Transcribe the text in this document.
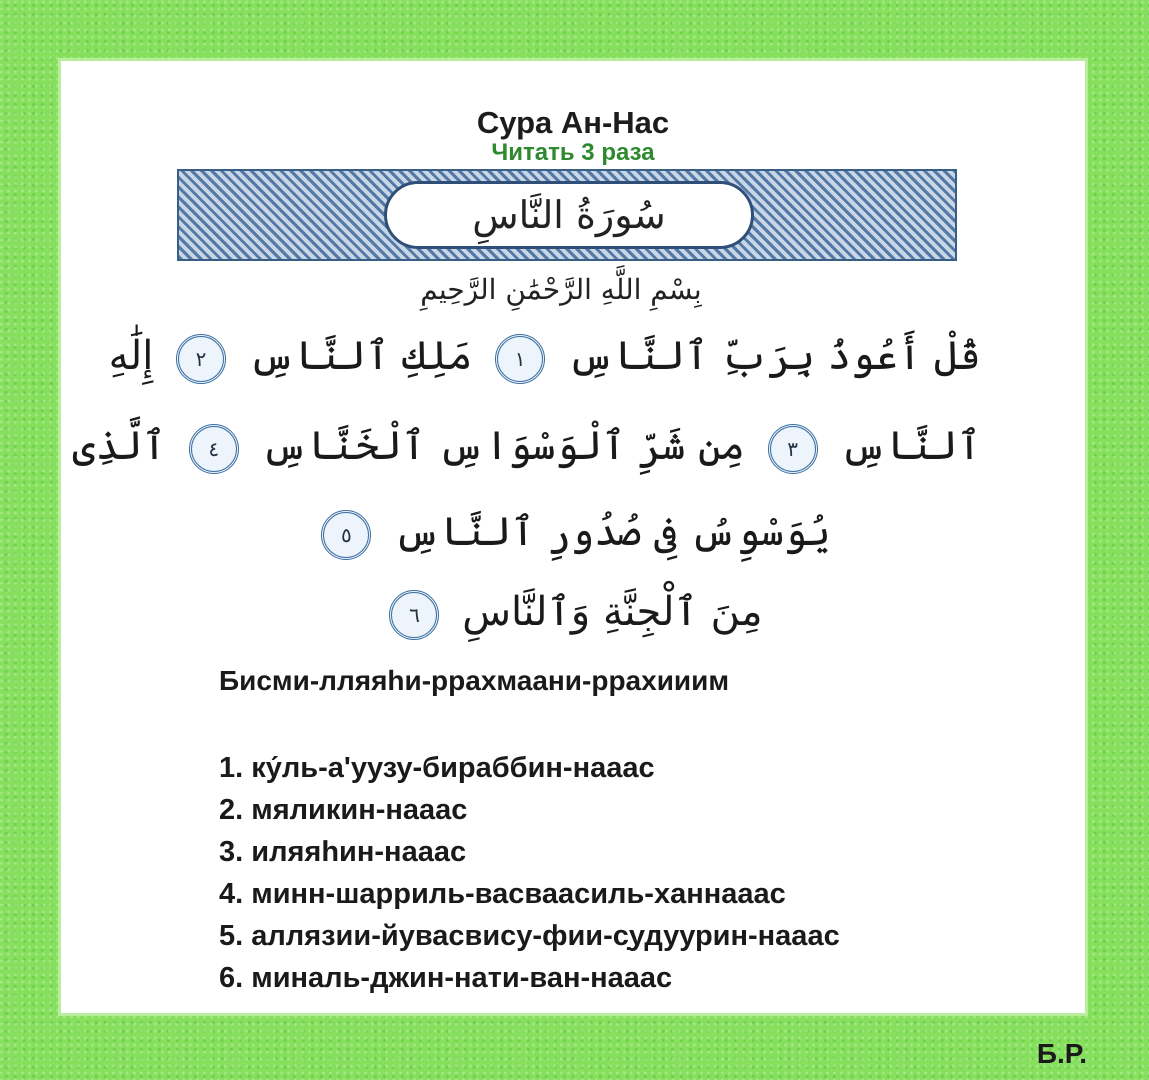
Сура Ан-Нас
Читать 3 раза
سُورَةُ النَّاسِ
بِسْمِ اللَّهِ الرَّحْمَٰنِ الرَّحِيمِ
قُلْ أَعُوذُ بِرَبِّ ٱلنَّاسِ ١ مَلِكِ ٱلنَّاسِ ٢ إِلَٰهِ
ٱلنَّاسِ ٣ مِن شَرِّ ٱلْوَسْوَاسِ ٱلْخَنَّاسِ ٤ ٱلَّذِى
يُوَسْوِسُ فِى صُدُورِ ٱلنَّاسِ ٥
مِنَ ٱلْجِنَّةِ وَٱلنَّاسِ ٦
Бисми-лляяһи-ррахмаани-ррахииим
1. ку́ль-а'уузу-бираббин-нааас
2. мяликин-нааас
3. иляяһин-нааас
4. минн-шарриль-васваасиль-ханнааас
5. аллязии-йувасвису-фии-с̣удуурин-нааас
6. миналь-джин-нати-ван-нааас
Б.Р.
